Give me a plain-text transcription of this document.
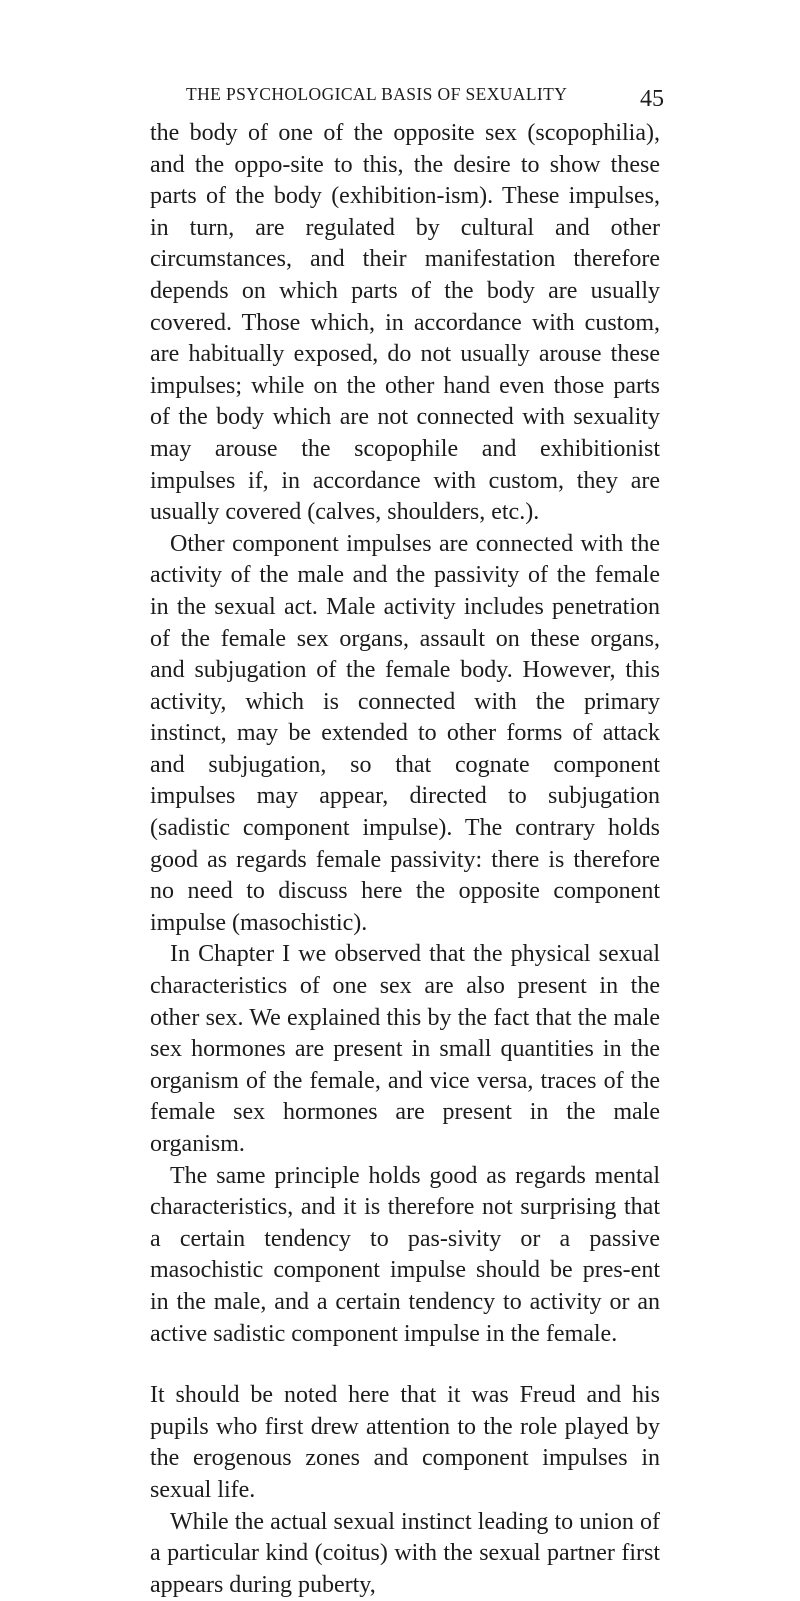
THE PSYCHOLOGICAL BASIS OF SEXUALITY	45

the body of one of the opposite sex (scopophilia), and the oppo-site to this, the desire to show these parts of the body (exhibition-ism). These impulses, in turn, are regulated by cultural and other circumstances, and their manifestation therefore depends on which parts of the body are usually covered. Those which, in accordance with custom, are habitually exposed, do not usually arouse these impulses; while on the other hand even those parts of the body which are not connected with sexuality may arouse the scopophile and exhibitionist impulses if, in accordance with custom, they are usually covered (calves, shoulders, etc.).

Other component impulses are connected with the activity of the male and the passivity of the female in the sexual act. Male activity includes penetration of the female sex organs, assault on these organs, and subjugation of the female body. However, this activity, which is connected with the primary instinct, may be extended to other forms of attack and subjugation, so that cognate component impulses may appear, directed to subjugation (sadistic component impulse). The contrary holds good as regards female passivity: there is therefore no need to discuss here the opposite component impulse (masochistic).

In Chapter I we observed that the physical sexual characteristics of one sex are also present in the other sex. We explained this by the fact that the male sex hormones are present in small quantities in the organism of the female, and vice versa, traces of the female sex hormones are present in the male organism.

The same principle holds good as regards mental characteristics, and it is therefore not surprising that a certain tendency to pas-sivity or a passive masochistic component impulse should be pres-ent in the male, and a certain tendency to activity or an active sadistic component impulse in the female.

It should be noted here that it was Freud and his pupils who first drew attention to the role played by the erogenous zones and component impulses in sexual life.

While the actual sexual instinct leading to union of a particular kind (coitus) with the sexual partner first appears during puberty,
